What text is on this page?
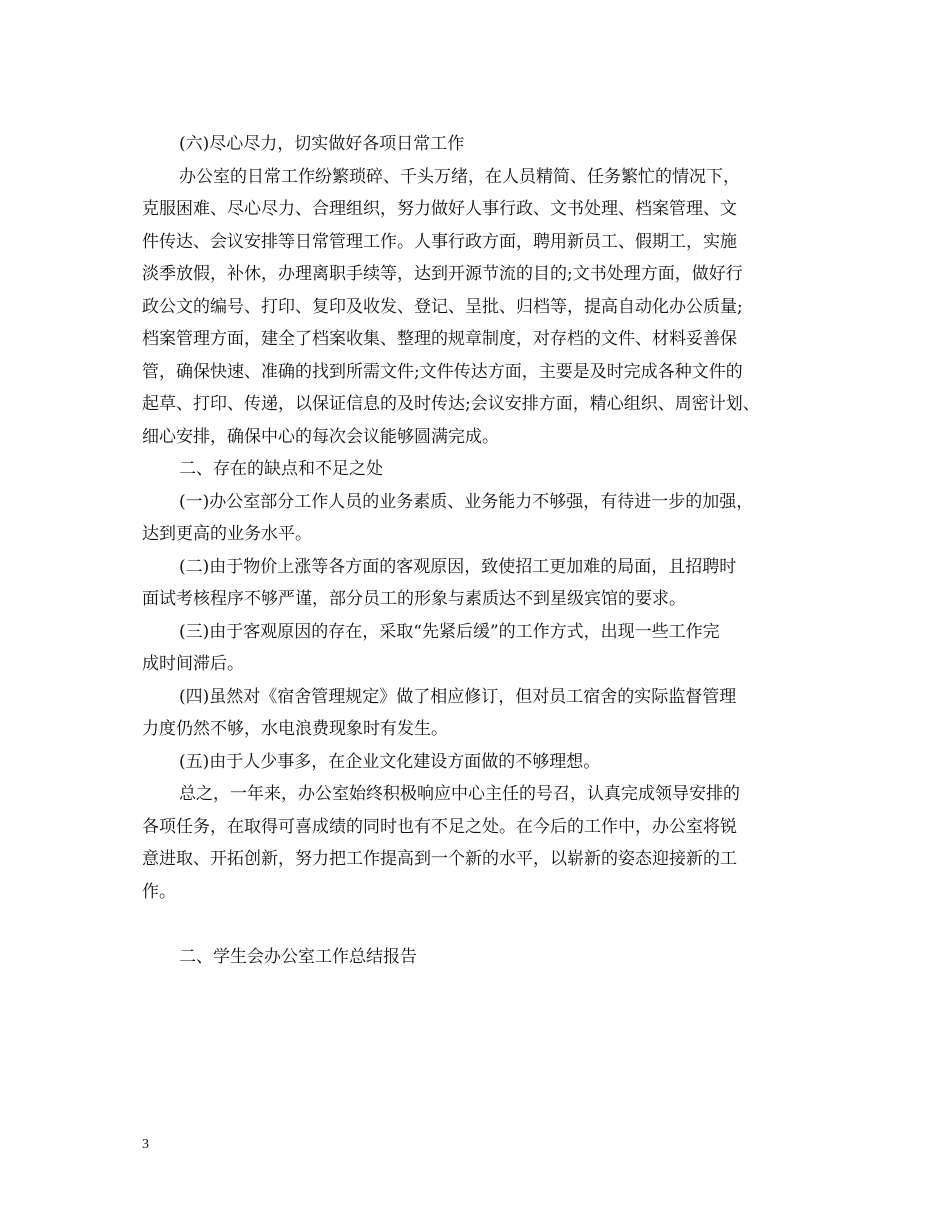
(六)尽心尽力，切实做好各项日常工作
办公室的日常工作纷繁琐碎、千头万绪，在人员精简、任务繁忙的情况下，
克服困难、尽心尽力、合理组织，努力做好人事行政、文书处理、档案管理、文
件传达、会议安排等日常管理工作。人事行政方面，聘用新员工、假期工，实施
淡季放假，补休，办理离职手续等，达到开源节流的目的;文书处理方面，做好行
政公文的编号、打印、复印及收发、登记、呈批、归档等，提高自动化办公质量;
档案管理方面，建全了档案收集、整理的规章制度，对存档的文件、材料妥善保
管，确保快速、准确的找到所需文件;文件传达方面，主要是及时完成各种文件的
起草、打印、传递，以保证信息的及时传达;会议安排方面，精心组织、周密计划、
细心安排，确保中心的每次会议能够圆满完成。
二、存在的缺点和不足之处
(一)办公室部分工作人员的业务素质、业务能力不够强，有待进一步的加强，
达到更高的业务水平。
(二)由于物价上涨等各方面的客观原因，致使招工更加难的局面，且招聘时
面试考核程序不够严谨，部分员工的形象与素质达不到星级宾馆的要求。
(三)由于客观原因的存在，采取“先紧后缓”的工作方式，出现一些工作完
成时间滞后。
(四)虽然对《宿舍管理规定》做了相应修订，但对员工宿舍的实际监督管理
力度仍然不够，水电浪费现象时有发生。
(五)由于人少事多，在企业文化建设方面做的不够理想。
总之，一年来，办公室始终积极响应中心主任的号召，认真完成领导安排的
各项任务，在取得可喜成绩的同时也有不足之处。在今后的工作中，办公室将锐
意进取、开拓创新，努力把工作提高到一个新的水平，以崭新的姿态迎接新的工
作。
二、学生会办公室工作总结报告
3
